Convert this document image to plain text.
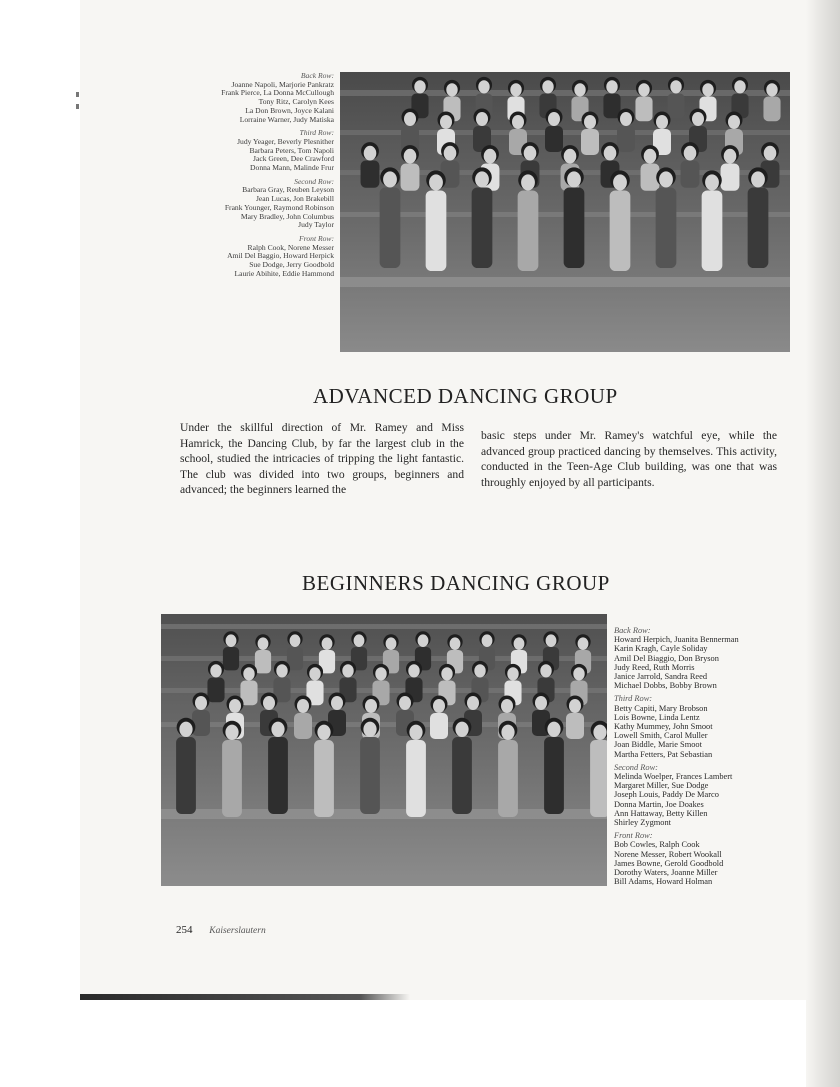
Back Row:
Joanne Napoli, Marjorie Pankratz
Frank Pierce, La Donna McCullough
Tony Ritz, Carolyn Kees
La Don Brown, Joyce Kalani
Lorraine Warner, Judy Matiska
Third Row:
Judy Yeager, Beverly Plesnither
Barbara Peters, Tom Napoli
Jack Green, Dee Crawford
Donna Mann, Malinde Frur
Second Row:
Barbara Gray, Reuben Leyson
Jean Lucas, Jon Brakebill
Frank Younger, Raymond Robinson
Mary Bradley, John Columbus
Judy Taylor
Front Row:
Ralph Cook, Norene Messer
Amil Del Baggio, Howard Herpick
Sue Dodge, Jerry Goodbold
Laurie Abihite, Eddie Hammond
ADVANCED DANCING GROUP
Under the skillful direction of Mr. Ramey and Miss Hamrick, the Dancing Club, by far the largest club in the school, studied the intricacies of tripping the light fantastic. The club was divided into two groups, beginners and advanced; the beginners learned the
basic steps under Mr. Ramey's watchful eye, while the advanced group practiced dancing by themselves. This activity, conducted in the Teen-Age Club building, was one that was throughly enjoyed by all participants.
BEGINNERS DANCING GROUP
Back Row:
Howard Herpich, Juanita Bennerman
Karin Kragh, Cayle Soliday
Amil Del Biaggio, Don Bryson
Judy Reed, Ruth Morris
Janice Jarrold, Sandra Reed
Michael Dobbs, Bobby Brown
Third Row:
Betty Capiti, Mary Brobson
Lois Bowne, Linda Lentz
Kathy Mummey, John Smoot
Lowell Smith, Carol Muller
Joan Biddle, Marie Smoot
Martha Fetters, Pat Sebastian
Second Row:
Melinda Woelper, Frances Lambert
Margaret Miller, Sue Dodge
Joseph Louis, Paddy De Marco
Donna Martin, Joe Doakes
Ann Hattaway, Betty Killen
Shirley Zygmont
Front Row:
Bob Cowles, Ralph Cook
Norene Messer, Robert Wookall
James Bowne, Gerold Goodbold
Dorothy Waters, Joanne Miller
Bill Adams, Howard Holman
254 Kaiserslautern
